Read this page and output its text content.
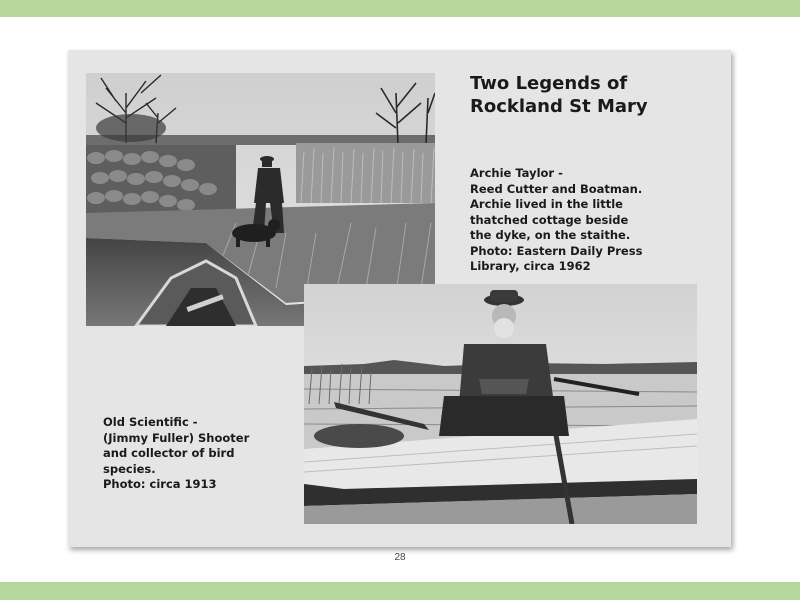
Two Legends of
Rockland St Mary
Archie Taylor -
Reed Cutter and Boatman.
Archie lived in the little
thatched cottage beside
the dyke, on the staithe.
Photo: Eastern Daily Press
Library, circa 1962
Old Scientific -
(Jimmy Fuller) Shooter
and collector of bird
species.
Photo: circa 1913
28
